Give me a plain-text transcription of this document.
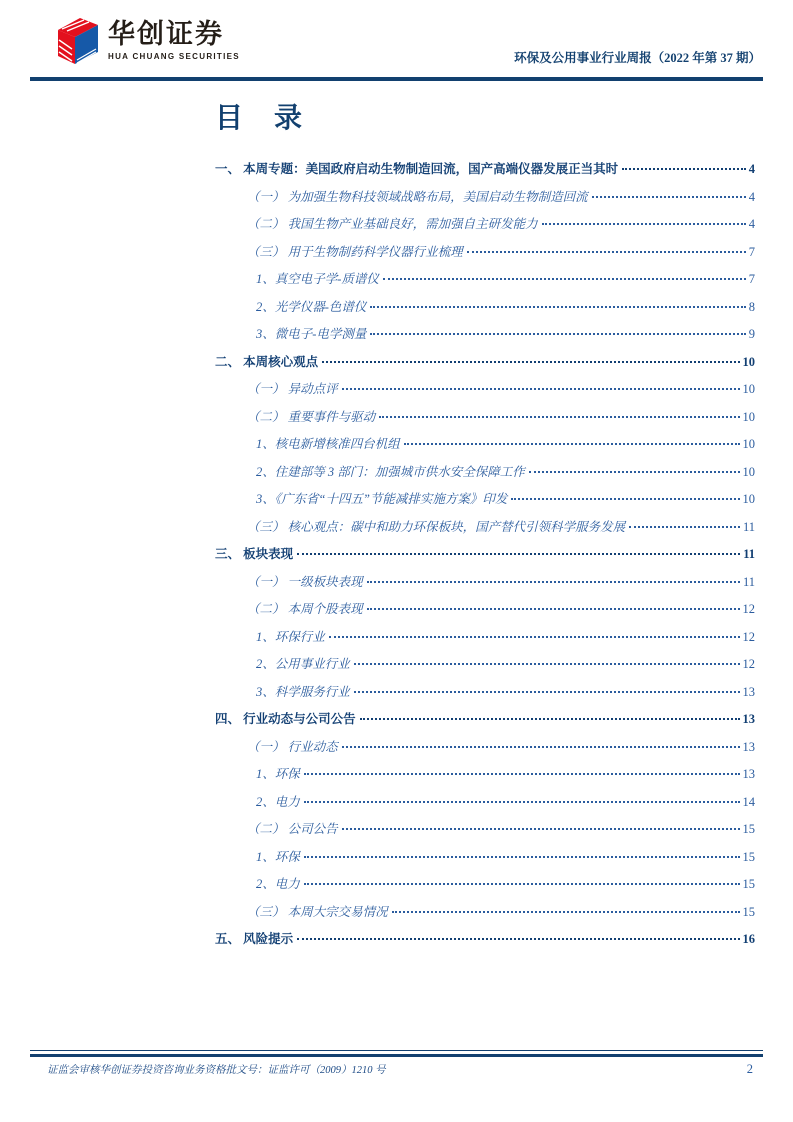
华创证券
HUA CHUANG SECURITIES	环保及公用事业行业周报（2022 年第 37 期）
目 录
一、 本周专题：美国政府启动生物制造回流，国产高端仪器发展正当其时	4
（一） 为加强生物科技领域战略布局，美国启动生物制造回流	4
（二） 我国生物产业基础良好，需加强自主研发能力	4
（三） 用于生物制药科学仪器行业梳理	7
1、真空电子学-质谱仪	7
2、光学仪器-色谱仪	8
3、微电子-电学测量	9
二、 本周核心观点	10
（一） 异动点评	10
（二） 重要事件与驱动	10
1、核电新增核准四台机组	10
2、住建部等 3 部门：加强城市供水安全保障工作	10
3、《广东省“十四五”节能减排实施方案》印发	10
（三） 核心观点：碳中和助力环保板块，国产替代引领科学服务发展	11
三、 板块表现	11
（一） 一级板块表现	11
（二） 本周个股表现	12
1、环保行业	12
2、公用事业行业	12
3、科学服务行业	13
四、 行业动态与公司公告	13
（一） 行业动态	13
1、环保	13
2、电力	14
（二） 公司公告	15
1、环保	15
2、电力	15
（三） 本周大宗交易情况	15
五、 风险提示	16
证监会审核华创证券投资咨询业务资格批文号：证监许可（2009）1210 号	2
